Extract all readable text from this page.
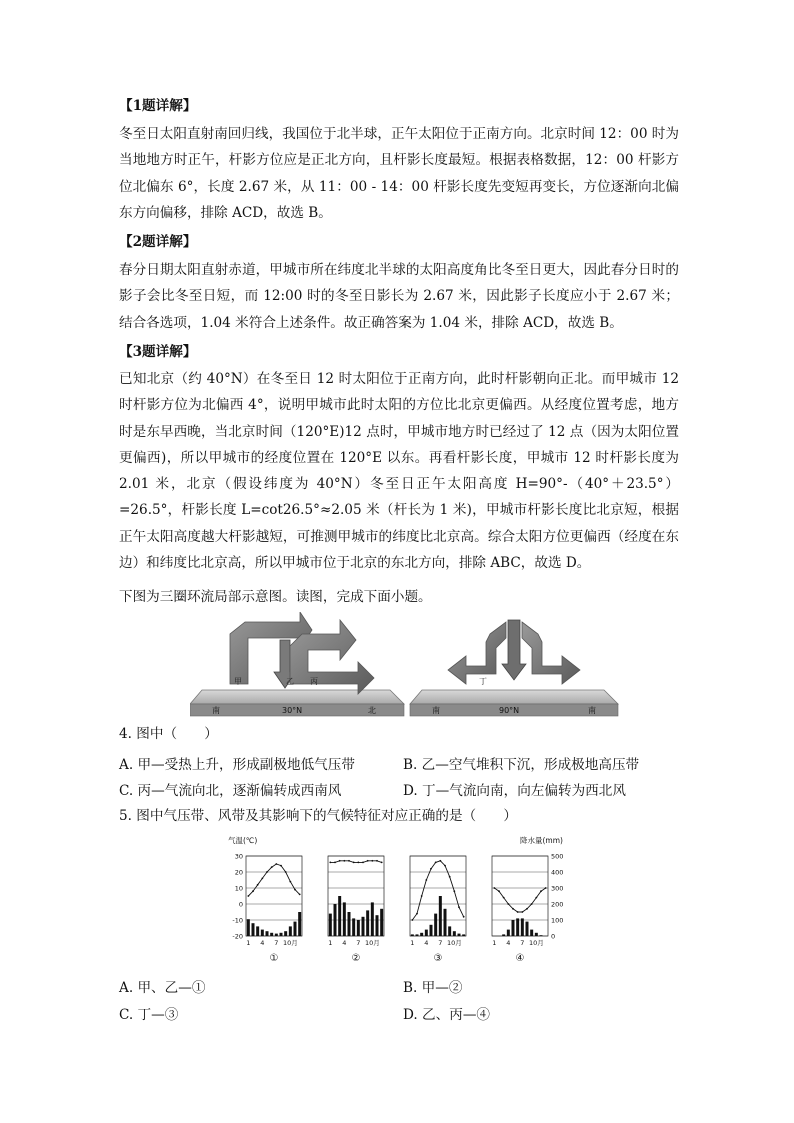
【1题详解】
冬至日太阳直射南回归线，我国位于北半球，正午太阳位于正南方向。北京时间 12：00 时为当地地方时正午，杆影方位应是正北方向，且杆影长度最短。根据表格数据，12：00 杆影方位北偏东 6°，长度 2.67 米，从 11：00 - 14：00 杆影长度先变短再变长，方位逐渐向北偏东方向偏移，排除 ACD，故选 B。
【2题详解】
春分日期太阳直射赤道，甲城市所在纬度北半球的太阳高度角比冬至日更大，因此春分日时的影子会比冬至日短，而 12:00 时的冬至日影长为 2.67 米，因此影子长度应小于 2.67 米；结合各选项，1.04 米符合上述条件。故正确答案为 1.04 米，排除 ACD，故选 B。
【3题详解】
已知北京（约 40°N）在冬至日 12 时太阳位于正南方向，此时杆影朝向正北。而甲城市 12 时杆影方位为北偏西 4°，说明甲城市此时太阳的方位比北京更偏西。从经度位置考虑，地方时是东早西晚，当北京时间（120°E)12 点时，甲城市地方时已经过了 12 点（因为太阳位置更偏西)，所以甲城市的经度位置在 120°E 以东。再看杆影长度，甲城市 12 时杆影长度为 2.01 米，北京（假设纬度为 40°N）冬至日正午太阳高度 H=90°-（40°＋23.5°）=26.5°，杆影长度 L=cot26.5°≈2.05 米（杆长为 1 米)，甲城市杆影长度比北京短，根据正午太阳高度越大杆影越短，可推测甲城市的纬度比北京高。综合太阳方位更偏西（经度在东边）和纬度比北京高，所以甲城市位于北京的东北方向，排除 ABC，故选 D。
下图为三圈环流局部示意图。读图，完成下面小题。
甲	乙 丙
南	30°N	北
丁
南	90°N	南
4. 图中（　　）
A. 甲—受热上升，形成副极地低气压带	B. 乙—空气堆积下沉，形成极地高压带
C. 丙—气流向北，逐渐偏转成西南风	D. 丁—气流向南，向左偏转为西北风
5. 图中气压带、风带及其影响下的气候特征对应正确的是（　　）
气温(℃)	降水量(mm)
30
20
10
0
-10
-20
500
400
300
200
100
0
1 4 7 10月
①
1 4 7 10月
②
1 4 7 10月
③
1 4 7 10月
④
A. 甲、乙—①	B. 甲—②
C. 丁—③	D. 乙、丙—④
